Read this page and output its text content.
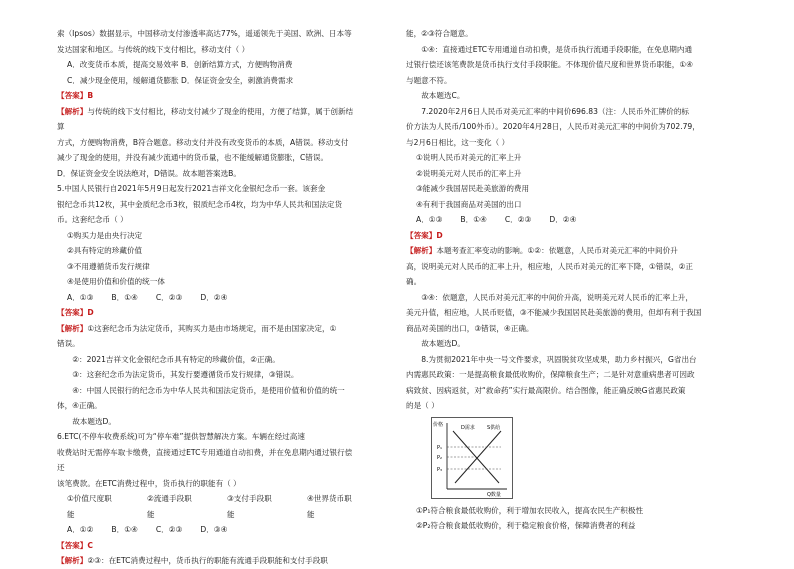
索（Ipsos）数据显示，中国移动支付渗透率高达77%，遥遥领先于美国、欧洲、日本等

发达国家和地区。与传统的线下支付相比，移动支付（ ）

A．改变货币本质，提高交易效率 B．创新结算方式，方便购物消费

C．减少现金使用，缓解通货膨胀 D．保证资金安全，刺激消费需求

【答案】B

【解析】与传统的线下支付相比，移动支付减少了现金的使用，方便了结算，属于创新结算

方式，方便购物消费，B符合题意。移动支付并没有改变货币的本质，A错误。移动支付

减少了现金的使用，并没有减少流通中的货币量，也不能缓解通货膨胀，C错误。

D．保证资金安全说法绝对，D错误。故本题答案选B。

5.中国人民银行自2021年5月9日起发行2021吉祥文化金银纪念币一套。该套金

银纪念币共12枚，其中金质纪念币3枚，银质纪念币4枚，均为中华人民共和国法定货

币。这套纪念币（ ）

①购买力是由央行决定

②具有特定的珍藏价值

③不用遵循货币发行规律

④是使用价值和价值的统一体

A．①③ B．①④ C．②③ D．②④

【答案】D

【解析】①这套纪念币为法定货币，其购买力是由市场规定，而不是由国家决定，①

错误。

②：2021吉祥文化金银纪念币具有特定的珍藏价值，②正确。

③：这套纪念币为法定货币，其发行要遵循货币发行规律，③错误。

④：中国人民银行的纪念币为中华人民共和国法定货币，是使用价值和价值的统一

体，④正确。

故本题选D。

6.ETC(不停车收费系统)可为“停车难”提供智慧解决方案。车辆在经过高速

收费站时无需停车取卡缴费，直接通过ETC专用通道自动扣费，并在免息期内通过银行偿还

该笔费款。在ETC消费过程中，货币执行的职能有（ ）

①价值尺度职能
②流通手段职能
③支付手段职能
④世界货币职能
A．①② B．①④ C．②③ D．③④

【答案】C

【解析】②③：在ETC消费过程中，货币执行的职能有流通手段职能和支付手段职

能，②③符合题意。

①④：直接通过ETC专用通道自动扣费，是货币执行流通手段职能，在免息期内通

过银行偿还该笔费款是货币执行支付手段职能。不体现价值尺度和世界货币职能，①④

与题意不符。

故本题选C。

7.2020年2月6日人民币对美元汇率的中间价696.83（注：人民币外汇牌价的标

价方法为人民币/100外币）。2020年4月28日，人民币对美元汇率的中间价为702.79，

与2月6日相比，这一变化（ ）

①说明人民币对美元的汇率上升

②说明美元对人民币的汇率上升

③能减少我国居民赴美旅游的费用

④有利于我国商品对美国的出口

A．①③ B．①④ C．②③ D．②④

【答案】D

【解析】本题考查汇率变动的影响。①②：依题意，人民币对美元汇率的中间价升

高，说明美元对人民币的汇率上升，相应地，人民币对美元的汇率下降，①错误，②正

确。

③④：依题意，人民币对美元汇率的中间价升高，说明美元对人民币的汇率上升，

美元升值，相应地，人民币贬值，③不能减少我国居民赴美旅游的费用，但却有利于我国

商品对美国的出口，③错误，④正确。

故本题选D。

8.为贯彻2021年中央一号文件要求，巩固脱贫攻坚成果，助力乡村振兴，G省出台

内需惠民政策：一是提高粮食最低收购价，保障粮食生产；二是针对意重病患者可因政

病致贫、因病返贫，对“救命药”实行最高限价。结合图像，能正确反映G省惠民政策

的是（ ）

价格	D需求 S供给
P₁
P₂
P₃
Q数量

①P₁符合粮食最低收购价，利于增加农民收入，提高农民生产积极性

②P₂符合粮食最低收购价，利于稳定粮食价格，保障消费者的利益
